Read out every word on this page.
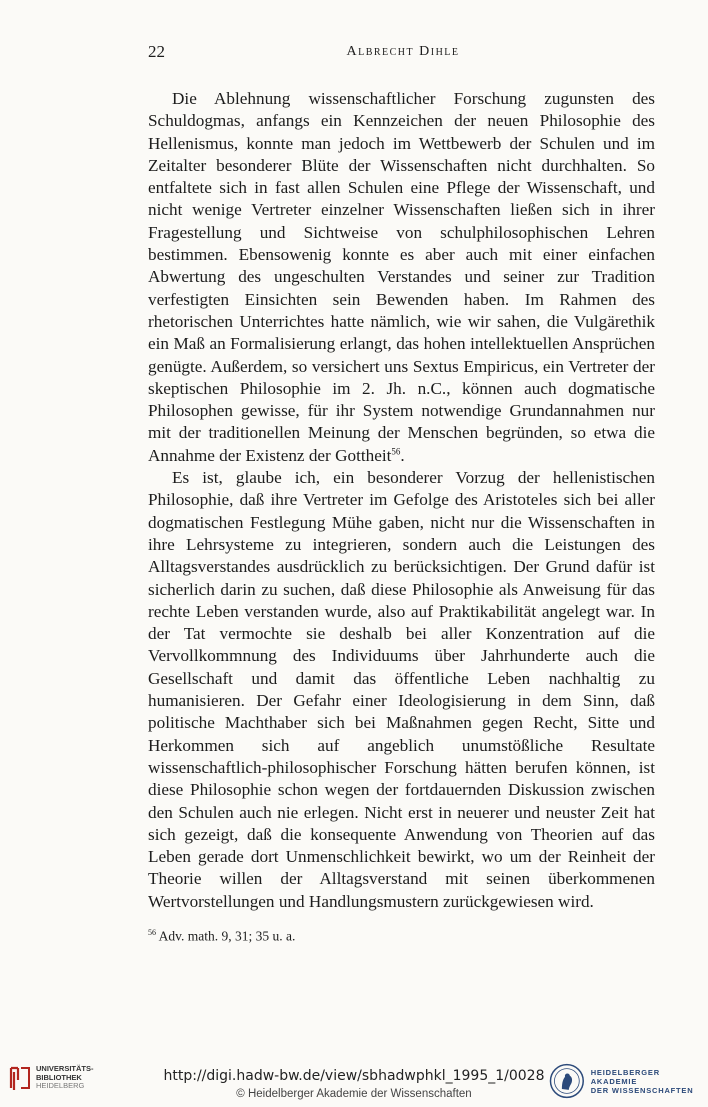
22	Albrecht Dihle

Die Ablehnung wissenschaftlicher Forschung zugunsten des Schuldogmas, anfangs ein Kennzeichen der neuen Philosophie des Hellenismus, konnte man jedoch im Wettbewerb der Schulen und im Zeitalter besonderer Blüte der Wissenschaften nicht durchhalten. So entfaltete sich in fast allen Schulen eine Pflege der Wissenschaft, und nicht wenige Vertreter einzelner Wissenschaften ließen sich in ihrer Fragestellung und Sichtweise von schulphilosophischen Lehren bestimmen. Ebensowenig konnte es aber auch mit einer einfachen Abwertung des ungeschulten Verstandes und seiner zur Tradition verfestigten Einsichten sein Bewenden haben. Im Rahmen des rhetorischen Unterrichtes hatte nämlich, wie wir sahen, die Vulgärethik ein Maß an Formalisierung erlangt, das hohen intellektuellen Ansprüchen genügte. Außerdem, so versichert uns Sextus Empiricus, ein Vertreter der skeptischen Philosophie im 2. Jh. n.C., können auch dogmatische Philosophen gewisse, für ihr System notwendige Grundannahmen nur mit der traditionellen Meinung der Menschen begründen, so etwa die Annahme der Existenz der Gottheit$^{56}$.

Es ist, glaube ich, ein besonderer Vorzug der hellenistischen Philosophie, daß ihre Vertreter im Gefolge des Aristoteles sich bei aller dogmatischen Festlegung Mühe gaben, nicht nur die Wissenschaften in ihre Lehrsysteme zu integrieren, sondern auch die Leistungen des Alltagsverstandes ausdrücklich zu berücksichtigen. Der Grund dafür ist sicherlich darin zu suchen, daß diese Philosophie als Anweisung für das rechte Leben verstanden wurde, also auf Praktikabilität angelegt war. In der Tat vermochte sie deshalb bei aller Konzentration auf die Vervollkommnung des Individuums über Jahrhunderte auch die Gesellschaft und damit das öffentliche Leben nachhaltig zu humanisieren. Der Gefahr einer Ideologisierung in dem Sinn, daß politische Machthaber sich bei Maßnahmen gegen Recht, Sitte und Herkommen sich auf angeblich unumstößliche Resultate wissenschaftlich-philosophischer Forschung hätten berufen können, ist diese Philosophie schon wegen der fortdauernden Diskussion zwischen den Schulen auch nie erlegen. Nicht erst in neuerer und neuster Zeit hat sich gezeigt, daß die konsequente Anwendung von Theorien auf das Leben gerade dort Unmenschlichkeit bewirkt, wo um der Reinheit der Theorie willen der Alltagsverstand mit seinen überkommenen Wertvorstellungen und Handlungsmustern zurückgewiesen wird.

$^{56}$ Adv. math. 9, 31; 35 u. a.
UNIVERSITÄTS-
BIBLIOTHEK
HEIDELBERG
http://digi.hadw-bw.de/view/sbhadwphkl_1995_1/0028
© Heidelberger Akademie der Wissenschaften
HEIDELBERGER AKADEMIE
DER WISSENSCHAFTEN
